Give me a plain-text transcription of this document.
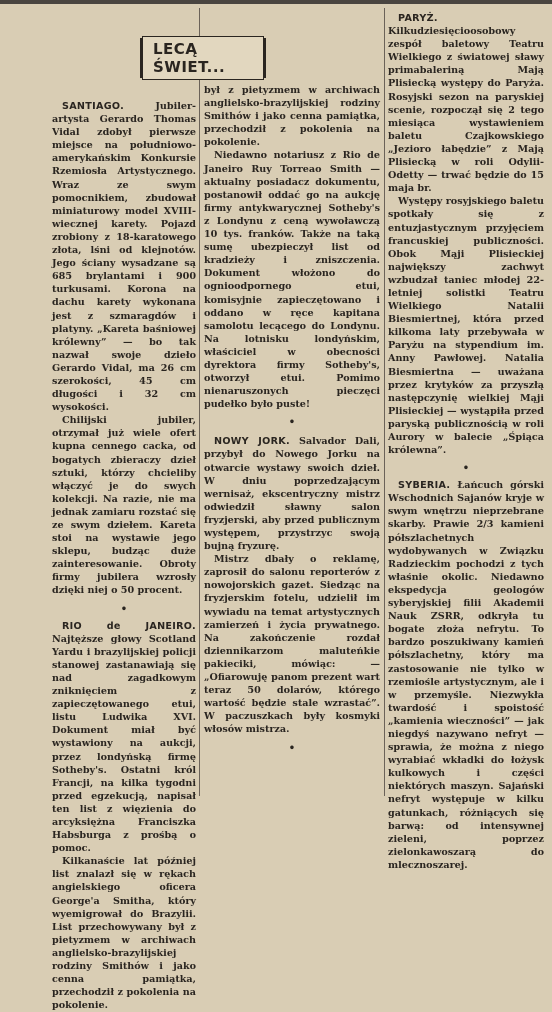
LECĄ ŚWIET...

SANTIAGO.	Jubiler-artysta Gerardo Thomas Vidal zdobył pierwsze miejsce na południowo-amerykańskim Konkursie Rzemiosła Artystycznego. Wraz ze swym pomocnikiem, zbudował miniaturowy model XVIII-wiecznej karety. Pojazd zrobiony z 18-karatowego złota, lśni od klejnotów. Jego ściany wysadzane są 685 brylantami i 900 turkusami. Korona na dachu karety wykonana jest z szmaragdów i platyny. „Kareta baśniowej królewny” — bo tak nazwał swoje dzieło Gerardo Vidal, ma 26 cm szerokości, 45 cm długości i 32 cm wysokości.

Chilijski jubiler, otrzymał już wiele ofert kupna cennego cacka, od bogatych zbieraczy dzieł sztuki, którzy chcieliby włączyć je do swych kolekcji. Na razie, nie ma jednak zamiaru rozstać się ze swym dziełem. Kareta stoi na wystawie jego sklepu, budząc duże zainteresowanie. Obroty firmy jubilera wzrosły dzięki niej o 50 procent.

•

RIO de JANEIRO. Najtęższe głowy Scotland Yardu i brazylijskiej policji stanowej zastanawiają się nad zagadkowym zniknięciem z zapieczętowanego etui, listu Ludwika XVI. Dokument miał być wystawiony na aukcji, przez londyńską firmę Sotheby's. Ostatni król Francji, na kilka tygodni przed egzekucją, napisał ten list z więzienia do arcyksiężna Franciszka Habsburga z prośbą o pomoc.

Kilkanaście lat później list znalazł się w rękach angielskiego oficera George'a Smitha, który wyemigrował do Brazylii. List przechowywany był z pietyzmem w archiwach anglielsko-brazylijskiej rodziny Smithów i jako cenna pamiątka, przechodził z pokolenia na pokolenie.

był z pietyzmem w archiwach anglielsko-brazylijskiej rodziny Smithów i jako cenna pamiątka, przechodził z pokolenia na pokolenie.

Niedawno notariusz z Rio de Janeiro Ruy Torreao Smith — aktualny posiadacz dokumentu, postanowił oddać go na aukcję firmy antykwarycznej Sotheby's z Londynu z ceną wywoławczą 10 tys. franków. Także na taką sumę ubezpieczył list od kradzieży i zniszczenia. Dokument włożono do ognioodpornego etui, komisyjnie zapieczętowano i oddano w ręce kapitana samolotu lecącego do Londynu. Na lotnisku londyńskim, właściciel w obecności dyrektora firmy Sotheby's, otworzył etui. Pomimo nienaruszonych pieczęci pudełko było puste!

•

NOWY JORK. Salvador Dali, przybył do Nowego Jorku na otwarcie wystawy swoich dzieł. W dniu poprzedzającym wernisaż, ekscentryczny mistrz odwiedził sławny salon fryzjerski, aby przed publicznym występem, przystrzyc swoją bujną fryzurę.

Mistrz dbały o reklamę, zaprosił do salonu reporterów z nowojorskich gazet. Siedząc na fryzjerskim fotelu, udzielił im wywiadu na temat artystycznych zamierzeń i życia prywatnego. Na zakończenie rozdał dziennikarzom maluteńkie pakieciki, mówiąc: — „Ofiarowuję panom prezent wart teraz 50 dolarów, którego wartość będzie stale wzrastać”. W paczuszkach były kosmyki włosów mistrza.

•

PARYŻ. Kilkudziesięcioosobowy zespół baletowy Teatru Wielkiego z światowej sławy primabaleriną Mają Plisiecką występy do Paryża. Rosyjski sezon na paryskiej scenie, rozpoczął się 2 tego miesiąca wystawieniem baletu Czajkowskiego „Jezioro łabędzie” z Mają Plisiecką w roli Odylii-Odetty — trwać będzie do 15 maja br.

Występy rosyjskiego baletu spotkały się z entuzjastycznym przyjęciem francuskiej publiczności. Obok Mąji Plisieckiej największy zachwyt wzbudzał taniec młodej 22-letniej solistki Teatru Wielkiego Natalii Biesmiertnej, która przed kilkoma laty przebywała w Paryżu na stypendium im. Anny Pawłowej. Natalia Biesmiertna — uważana przez krytyków za przyszłą następczynię wielkiej Mąji Plisieckiej — wystąpiła przed paryską publicznością w roli Aurory w balecie „Śpiąca królewna”.

•

SYBERIA. Łańcuch górski Wschodnich Sajanów kryje w swym wnętrzu nieprzebrane skarby. Prawie 2/3 kamieni półszlachetnych wydobywanych w Związku Radzieckim pochodzi z tych właśnie okolic. Niedawno ekspedycja geologów syberyjskiej filii Akademii Nauk ZSRR, odkryła tu bogate złoża nefrytu. To bardzo poszukiwany kamień półszlachetny, który ma zastosowanie nie tylko w rzemiośle artystycznym, ale i w przemyśle. Niezwykła twardość i spoistość „kamienia wieczności” — jak niegdyś nazywano nefryt — sprawia, że można z niego wyrabiać wkładki do łożysk kulkowych i części niektórych maszyn. Sajański nefryt występuje w kilku gatunkach, różniących się barwą: od intensywnej zieleni, poprzez zielonkawoszarą do mlecznoszarej.
